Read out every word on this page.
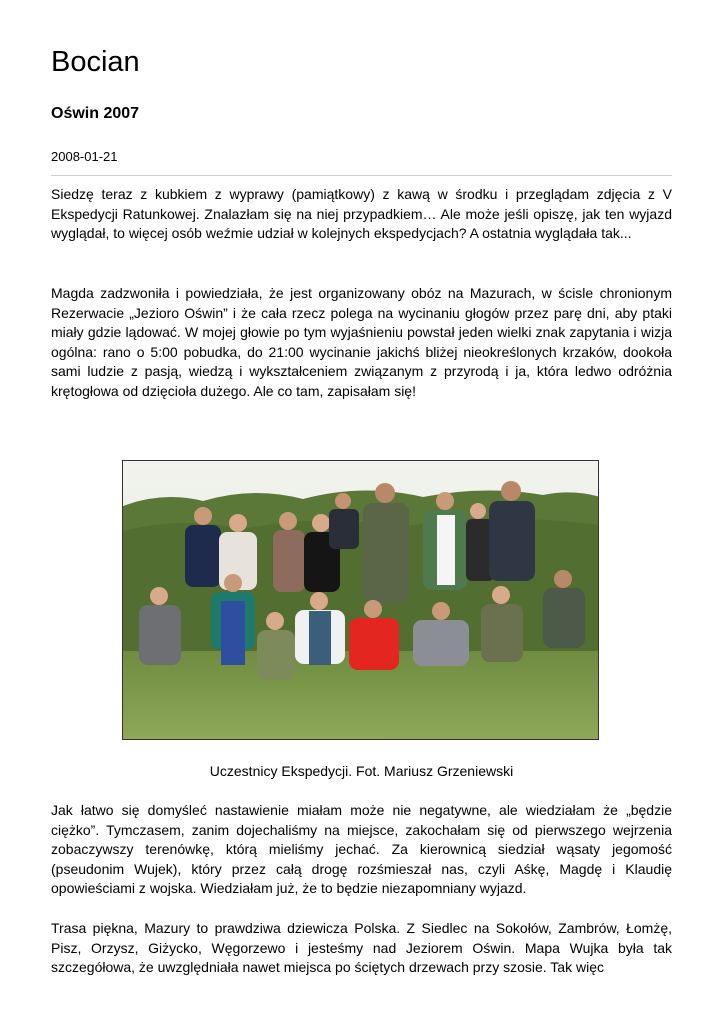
Bocian
Oświn 2007
2008-01-21

Siedzę teraz z kubkiem z wyprawy (pamiątkowy) z kawą w środku i przeglądam zdjęcia z V Ekspedycji Ratunkowej. Znalazłam się na niej przypadkiem… Ale może jeśli opiszę, jak ten wyjazd wyglądał, to więcej osób weźmie udział w kolejnych ekspedycjach? A ostatnia wyglądała tak...

Magda zadzwoniła i powiedziała, że jest organizowany obóz na Mazurach, w ścisle chronionym Rezerwacie „Jezioro Oświn” i że cała rzecz polega na wycinaniu głogów przez parę dni, aby ptaki miały gdzie lądować. W mojej głowie po tym wyjaśnieniu powstał jeden wielki znak zapytania i wizja ogólna: rano o 5:00 pobudka, do 21:00 wycinanie jakichś bliżej nieokreślonych krzaków, dookoła sami ludzie z pasją, wiedzą i wykształceniem związanym z przyrodą i ja, która ledwo odróżnia krętogłowa od dzięcioła dużego. Ale co tam, zapisałam się!

Uczestnicy Ekspedycji. Fot. Mariusz Grzeniewski

Jak łatwo się domyśleć nastawienie miałam może nie negatywne, ale wiedziałam że „będzie ciężko”. Tymczasem, zanim dojechaliśmy na miejsce, zakochałam się od pierwszego wejrzenia zobaczywszy terenówkę, którą mieliśmy jechać. Za kierownicą siedział wąsaty jegomość (pseudonim Wujek), który przez całą drogę rozśmieszał nas, czyli Aśkę, Magdę i Klaudię opowieściami z wojska. Wiedziałam już, że to będzie niezapomniany wyjazd.

Trasa piękna, Mazury to prawdziwa dziewicza Polska. Z Siedlec na Sokołów, Zambrów, Łomżę, Pisz, Orzysz, Giżycko, Węgorzewo i jesteśmy nad Jeziorem Oświn. Mapa Wujka była tak szczegółowa, że uwzględniała nawet miejsca po ściętych drzewach przy szosie. Tak więc
